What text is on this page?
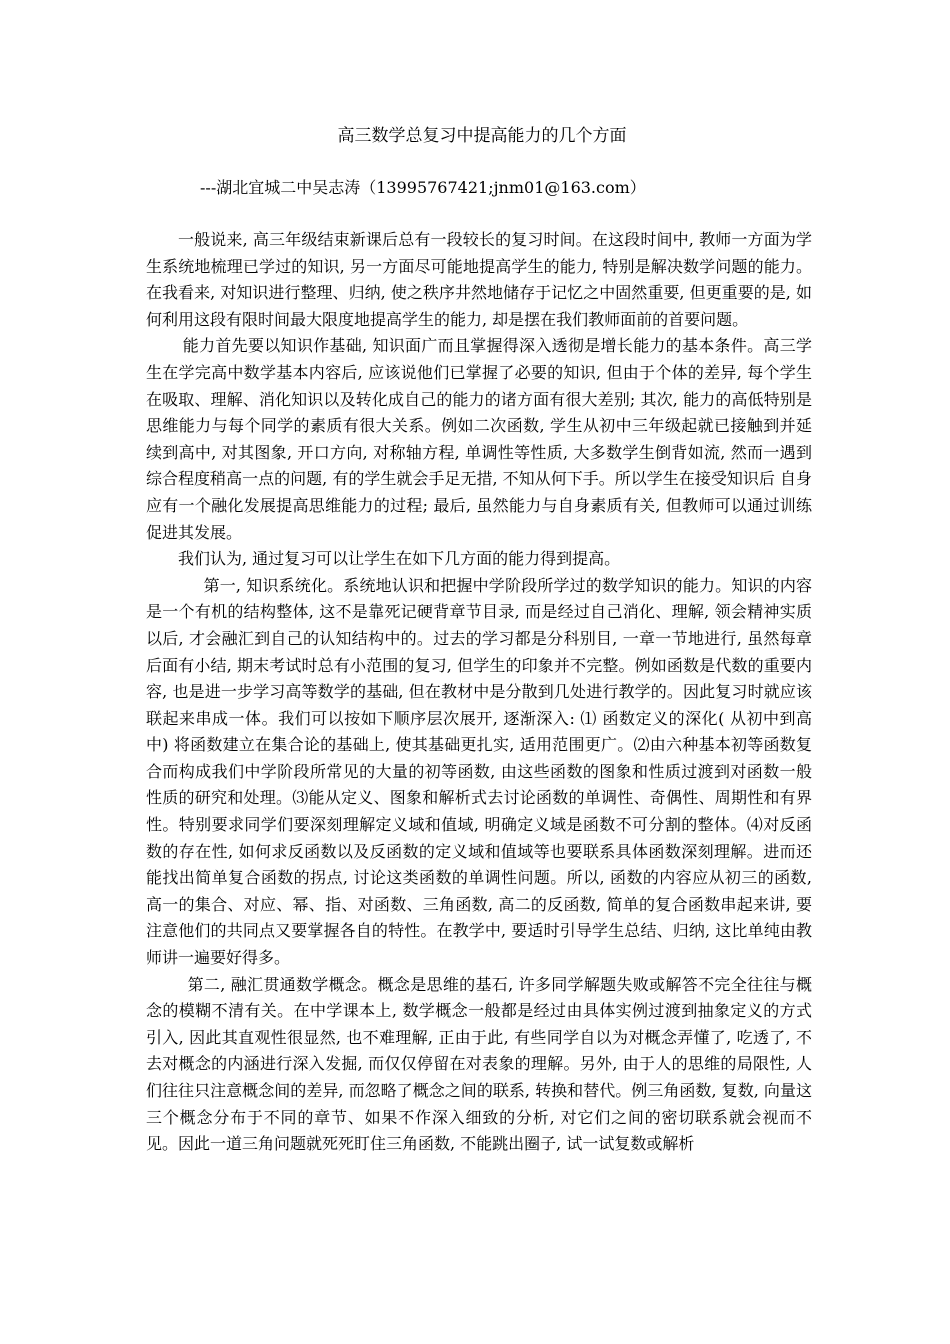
高三数学总复习中提高能力的几个方面
---湖北宜城二中吴志涛（13995767421;jnm01@163.com）

一般说来, 高三年级结束新课后总有一段较长的复习时间。在这段时间中, 教师一方面为学生系统地梳理已学过的知识, 另一方面尽可能地提高学生的能力, 特别是解决数学问题的能力。在我看来, 对知识进行整理、归纳, 使之秩序井然地储存于记忆之中固然重要, 但更重要的是, 如何利用这段有限时间最大限度地提高学生的能力, 却是摆在我们教师面前的首要问题。

能力首先要以知识作基础, 知识面广而且掌握得深入透彻是增长能力的基本条件。高三学生在学完高中数学基本内容后, 应该说他们已掌握了必要的知识, 但由于个体的差异, 每个学生在吸取、理解、消化知识以及转化成自己的能力的诸方面有很大差别; 其次, 能力的高低特别是思维能力与每个同学的素质有很大关系。例如二次函数, 学生从初中三年级起就已接触到并延续到高中, 对其图象, 开口方向, 对称轴方程, 单调性等性质, 大多数学生倒背如流, 然而一遇到综合程度稍高一点的问题, 有的学生就会手足无措, 不知从何下手。所以学生在接受知识后 自身应有一个融化发展提高思维能力的过程; 最后, 虽然能力与自身素质有关, 但教师可以通过训练促进其发展。

我们认为, 通过复习可以让学生在如下几方面的能力得到提高。

第一, 知识系统化。系统地认识和把握中学阶段所学过的数学知识的能力。知识的内容是一个有机的结构整体, 这不是靠死记硬背章节目录, 而是经过自己消化、理解, 领会精神实质以后, 才会融汇到自己的认知结构中的。过去的学习都是分科别目, 一章一节地进行, 虽然每章后面有小结, 期末考试时总有小范围的复习, 但学生的印象并不完整。例如函数是代数的重要内容, 也是进一步学习高等数学的基础, 但在教材中是分散到几处进行教学的。因此复习时就应该联起来串成一体。我们可以按如下顺序层次展开, 逐渐深入: ⑴ 函数定义的深化( 从初中到高中) 将函数建立在集合论的基础上, 使其基础更扎实, 适用范围更广。⑵由六种基本初等函数复合而构成我们中学阶段所常见的大量的初等函数, 由这些函数的图象和性质过渡到对函数一般性质的研究和处理。⑶能从定义、图象和解析式去讨论函数的单调性、奇偶性、周期性和有界性。特别要求同学们要深刻理解定义域和值域, 明确定义域是函数不可分割的整体。⑷对反函数的存在性, 如何求反函数以及反函数的定义域和值域等也要联系具体函数深刻理解。进而还能找出简单复合函数的拐点, 讨论这类函数的单调性问题。所以, 函数的内容应从初三的函数, 高一的集合、对应、幂、指、对函数、三角函数, 高二的反函数, 简单的复合函数串起来讲, 要注意他们的共同点又要掌握各自的特性。在教学中, 要适时引导学生总结、归纳, 这比单纯由教师讲一遍要好得多。

第二, 融汇贯通数学概念。概念是思维的基石, 许多同学解题失败或解答不完全往往与概念的模糊不清有关。在中学课本上, 数学概念一般都是经过由具体实例过渡到抽象定义的方式引入, 因此其直观性很显然, 也不难理解, 正由于此, 有些同学自以为对概念弄懂了, 吃透了, 不去对概念的内涵进行深入发掘, 而仅仅停留在对表象的理解。另外, 由于人的思维的局限性, 人们往往只注意概念间的差异, 而忽略了概念之间的联系, 转换和替代。例三角函数, 复数, 向量这三个概念分布于不同的章节、如果不作深入细致的分析, 对它们之间的密切联系就会视而不见。因此一道三角问题就死死盯住三角函数, 不能跳出圈子, 试一试复数或解析
